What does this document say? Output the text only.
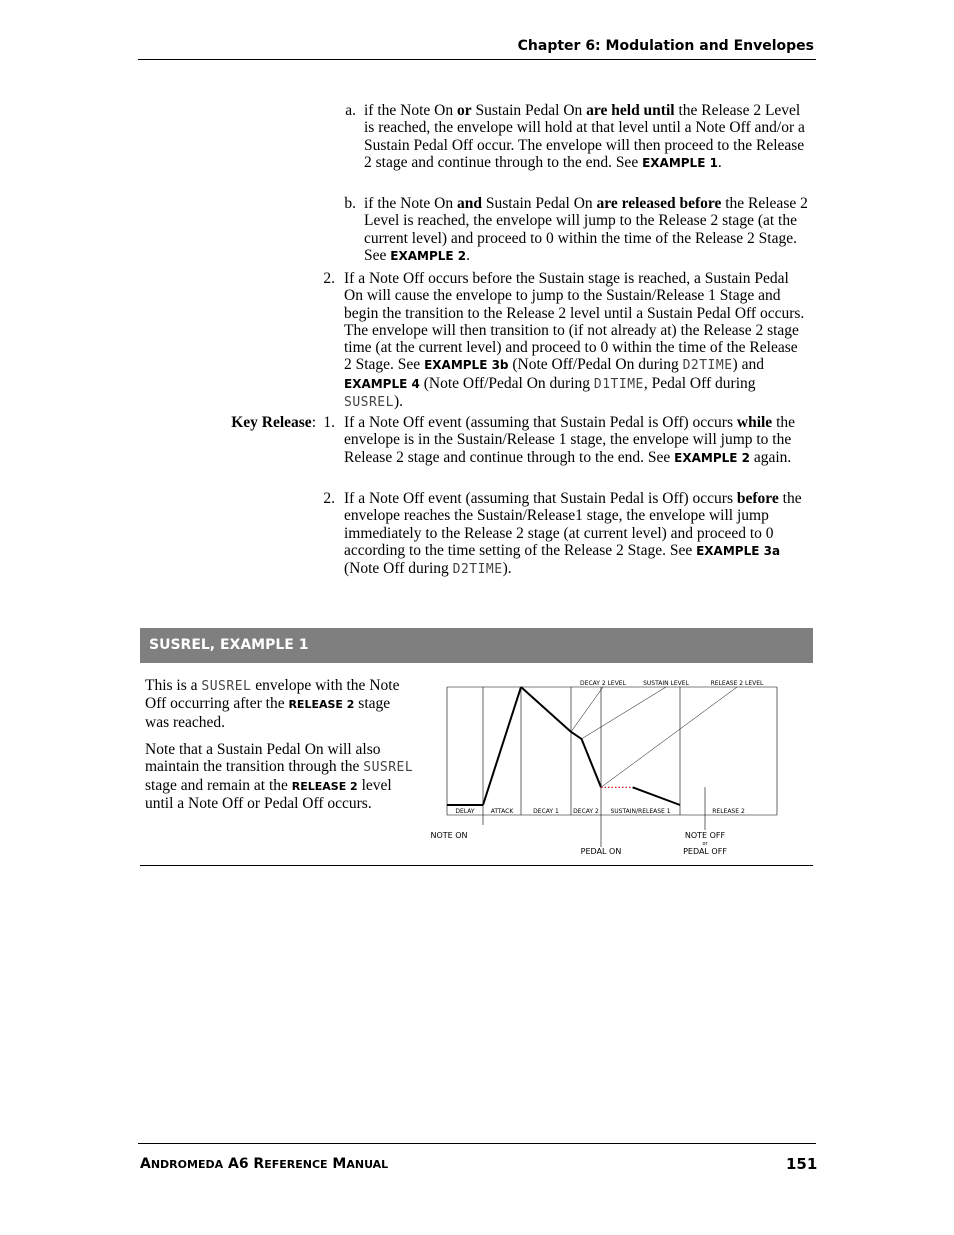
Chapter 6: Modulation and Envelopes
a. if the Note On or Sustain Pedal On are held until the Release 2 Level is reached, the envelope will hold at that level until a Note Off and/or a Sustain Pedal Off occur. The envelope will then proceed to the Release 2 stage and continue through to the end. See EXAMPLE 1.
b. if the Note On and Sustain Pedal On are released before the Release 2 Level is reached, the envelope will jump to the Release 2 stage (at the current level) and proceed to 0 within the time of the Release 2 Stage. See EXAMPLE 2.
2. If a Note Off occurs before the Sustain stage is reached, a Sustain Pedal On will cause the envelope to jump to the Sustain/Release 1 Stage and begin the transition to the Release 2 level until a Sustain Pedal Off occurs. The envelope will then transition to (if not already at) the Release 2 stage time (at the current level) and proceed to 0 within the time of the Release 2 Stage. See EXAMPLE 3b (Note Off/Pedal On during D2TIME) and EXAMPLE 4 (Note Off/Pedal On during D1TIME, Pedal Off during SUSREL).
Key Release: 1. If a Note Off event (assuming that Sustain Pedal is Off) occurs while the envelope is in the Sustain/Release 1 stage, the envelope will jump to the Release 2 stage and continue through to the end. See EXAMPLE 2 again.
2. If a Note Off event (assuming that Sustain Pedal is Off) occurs before the envelope reaches the Sustain/Release1 stage, the envelope will jump immediately to the Release 2 stage (at current level) and proceed to 0 according to the time setting of the Release 2 Stage. See EXAMPLE 3a (Note Off during D2TIME).
SUSREL, EXAMPLE 1

This is a SUSREL envelope with the Note Off occurring after the RELEASE 2 stage was reached.

Note that a Sustain Pedal On will also maintain the transition through the SUSREL stage and remain at the RELEASE 2 level until a Note Off or Pedal Off occurs.	DELAY	ATTACK	DECAY 1 DECAY 2 SUSTAIN/RELEASE 1	RELEASE 2
DECAY 2 LEVEL	SUSTAIN LEVEL	RELEASE 2 LEVEL
NOTE ON
PEDAL ON
NOTE OFF
or
PEDAL OFF
ANDROMEDA A6 REFERENCE MANUAL	151
